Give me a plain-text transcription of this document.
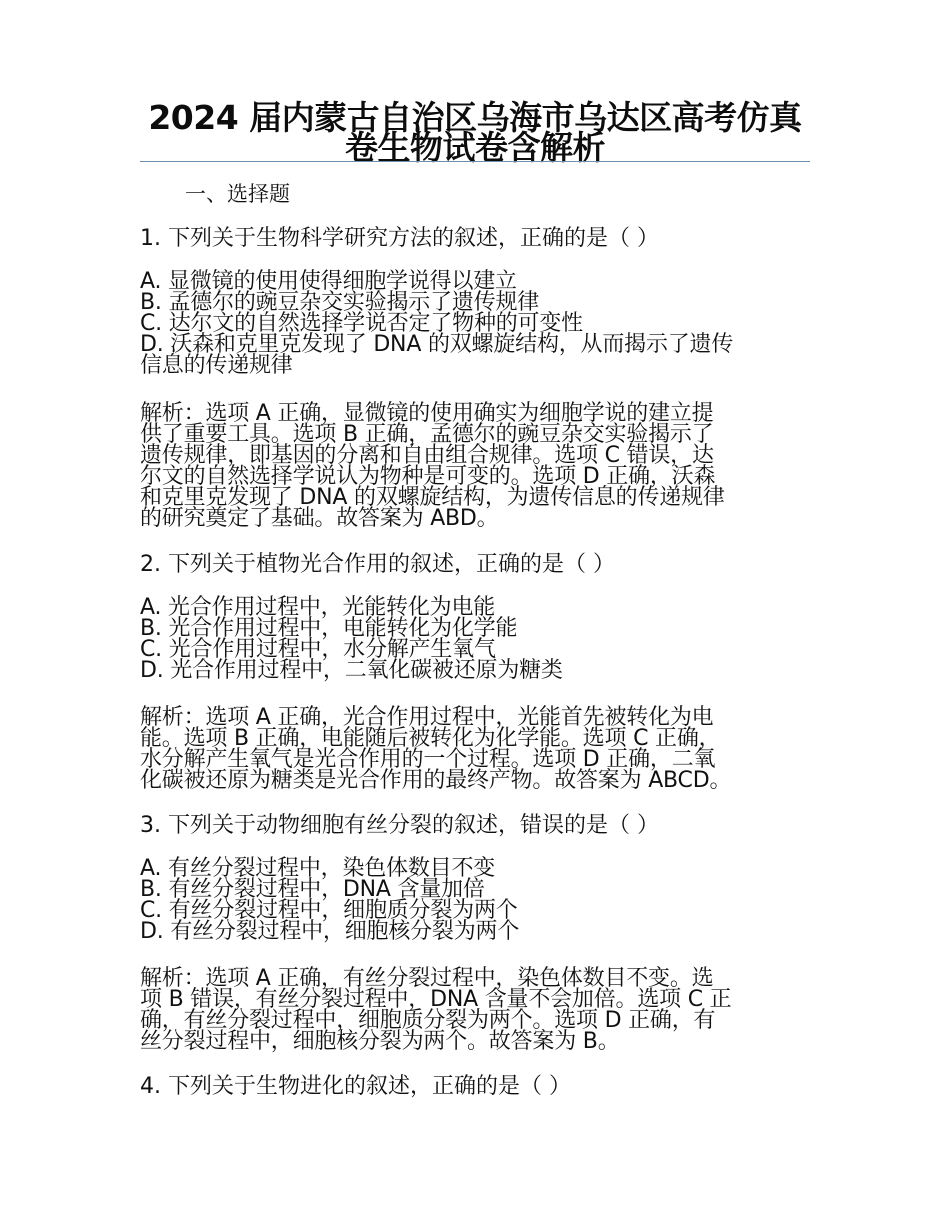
2024 届内蒙古自治区乌海市乌达区高考仿真卷生物试卷含解析
一、选择题
1. 下列关于生物科学研究方法的叙述，正确的是（ ）
A. 显微镜的使用使得细胞学说得以建立
B. 孟德尔的豌豆杂交实验揭示了遗传规律
C. 达尔文的自然选择学说否定了物种的可变性
D. 沃森和克里克发现了 DNA 的双螺旋结构，从而揭示了遗传
信息的传递规律
解析：选项 A 正确，显微镜的使用确实为细胞学说的建立提
供了重要工具。选项 B 正确，孟德尔的豌豆杂交实验揭示了
遗传规律，即基因的分离和自由组合规律。选项 C 错误，达
尔文的自然选择学说认为物种是可变的。选项 D 正确，沃森
和克里克发现了 DNA 的双螺旋结构，为遗传信息的传递规律
的研究奠定了基础。故答案为 ABD。
2. 下列关于植物光合作用的叙述，正确的是（ ）
A. 光合作用过程中，光能转化为电能
B. 光合作用过程中，电能转化为化学能
C. 光合作用过程中，水分解产生氧气
D. 光合作用过程中，二氧化碳被还原为糖类
解析：选项 A 正确，光合作用过程中，光能首先被转化为电
能。选项 B 正确，电能随后被转化为化学能。选项 C 正确，
水分解产生氧气是光合作用的一个过程。选项 D 正确，二氧
化碳被还原为糖类是光合作用的最终产物。故答案为 ABCD。
3. 下列关于动物细胞有丝分裂的叙述，错误的是（ ）
A. 有丝分裂过程中，染色体数目不变
B. 有丝分裂过程中，DNA 含量加倍
C. 有丝分裂过程中，细胞质分裂为两个
D. 有丝分裂过程中，细胞核分裂为两个
解析：选项 A 正确，有丝分裂过程中，染色体数目不变。选
项 B 错误，有丝分裂过程中，DNA 含量不会加倍。选项 C 正
确，有丝分裂过程中，细胞质分裂为两个。选项 D 正确，有
丝分裂过程中，细胞核分裂为两个。故答案为 B。
4. 下列关于生物进化的叙述，正确的是（ ）
